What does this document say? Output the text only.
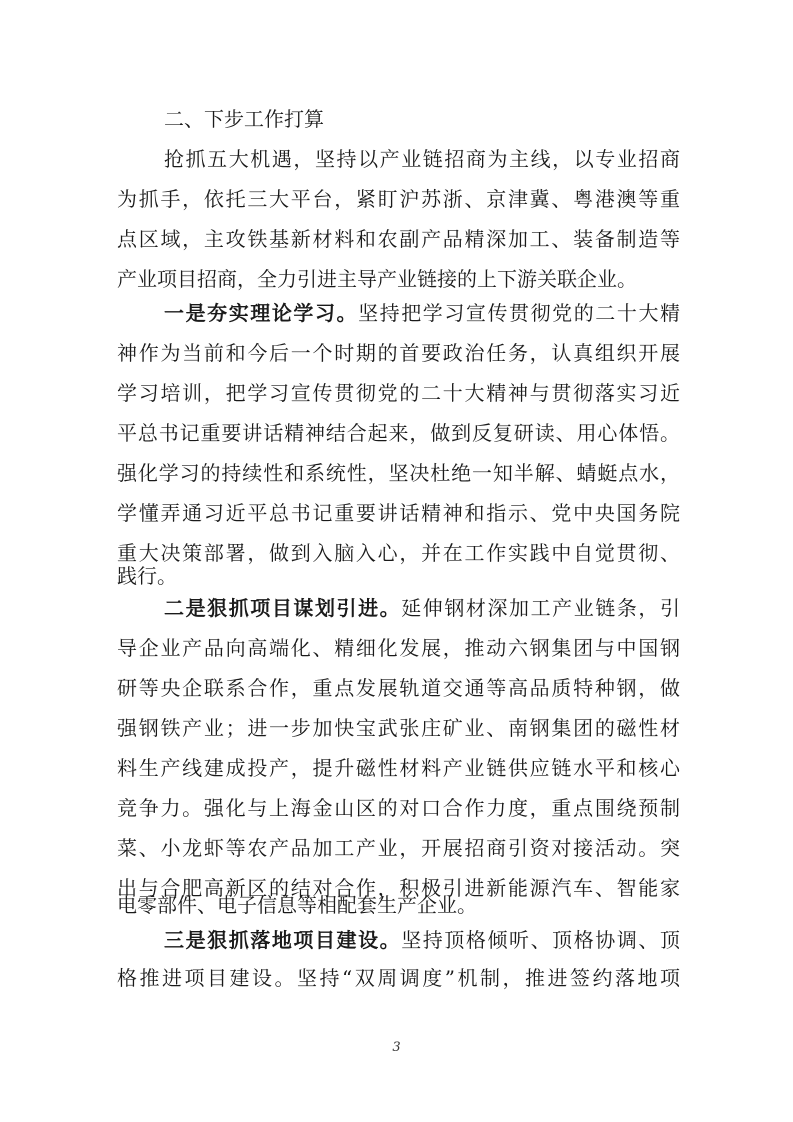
二、下步工作打算
抢抓五大机遇，坚持以产业链招商为主线，以专业招商
为抓手，依托三大平台，紧盯沪苏浙、京津冀、粤港澳等重
点区域，主攻铁基新材料和农副产品精深加工、装备制造等
产业项目招商，全力引进主导产业链接的上下游关联企业。
一是夯实理论学习。坚持把学习宣传贯彻党的二十大精
神作为当前和今后一个时期的首要政治任务，认真组织开展
学习培训，把学习宣传贯彻党的二十大精神与贯彻落实习近
平总书记重要讲话精神结合起来，做到反复研读、用心体悟。
强化学习的持续性和系统性，坚决杜绝一知半解、蜻蜓点水，
学懂弄通习近平总书记重要讲话精神和指示、党中央国务院
重大决策部署，做到入脑入心，并在工作实践中自觉贯彻、
践行。
二是狠抓项目谋划引进。延伸钢材深加工产业链条，引
导企业产品向高端化、精细化发展，推动六钢集团与中国钢
研等央企联系合作，重点发展轨道交通等高品质特种钢，做
强钢铁产业；进一步加快宝武张庄矿业、南钢集团的磁性材
料生产线建成投产，提升磁性材料产业链供应链水平和核心
竞争力。强化与上海金山区的对口合作力度，重点围绕预制
菜、小龙虾等农产品加工产业，开展招商引资对接活动。突
出与合肥高新区的结对合作，积极引进新能源汽车、智能家
电零部件、电子信息等相配套生产企业。
三是狠抓落地项目建设。坚持顶格倾听、顶格协调、顶
格推进项目建设。坚持“双周调度”机制，推进签约落地项
3
